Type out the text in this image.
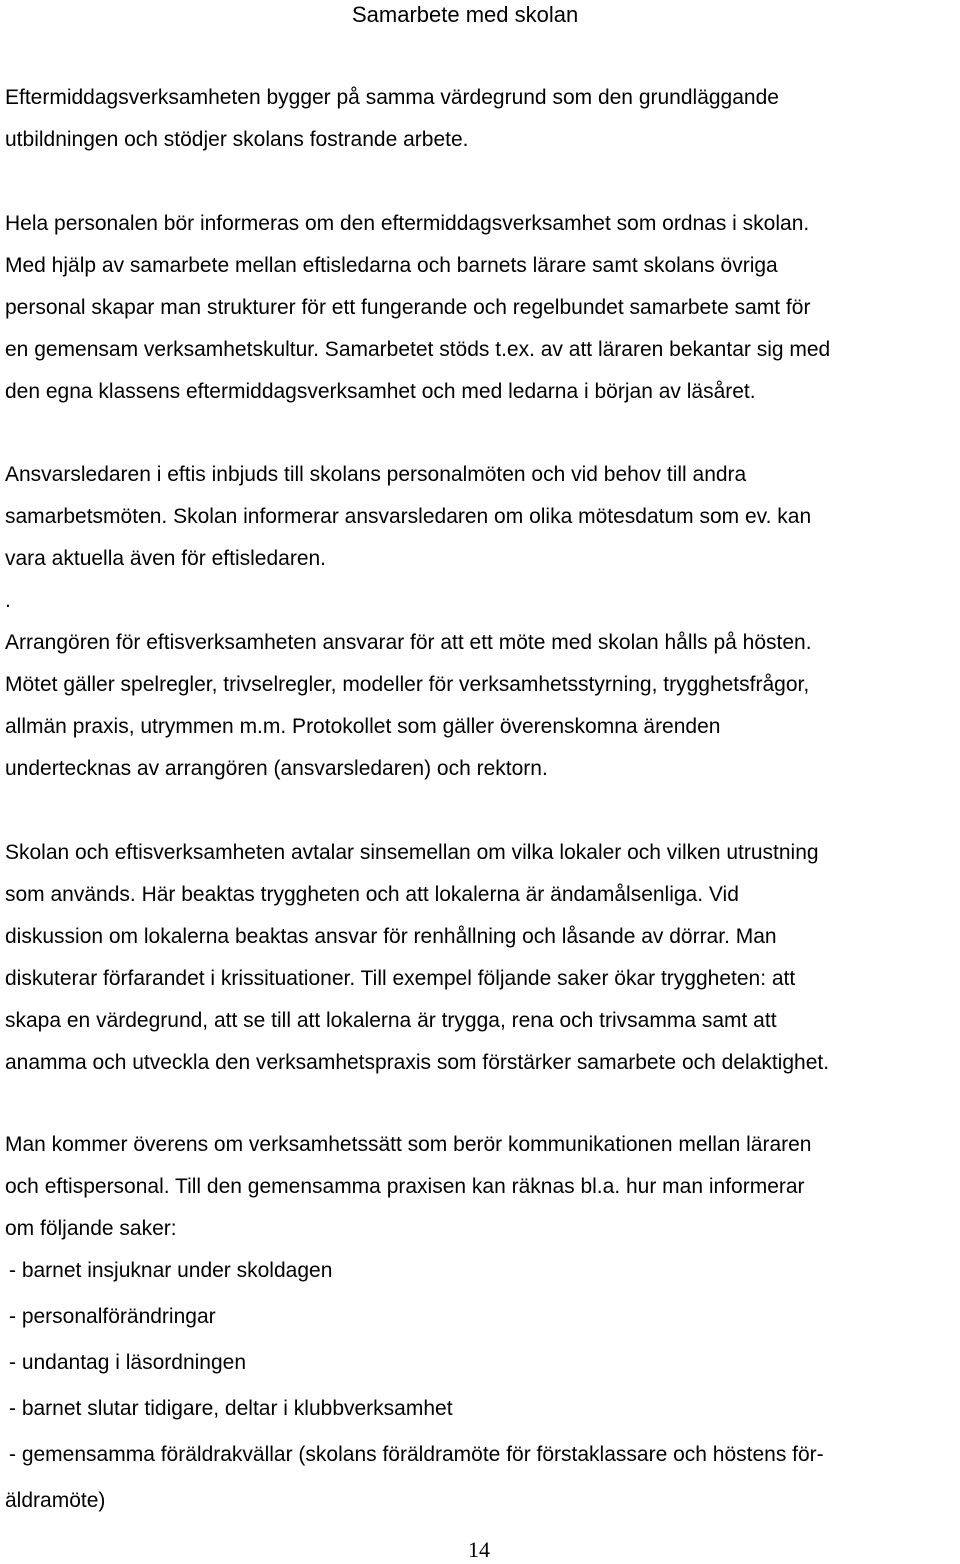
Samarbete med skolan
Eftermiddagsverksamheten bygger på samma värdegrund som den grundläggande
utbildningen och stödjer skolans fostrande arbete.
Hela personalen bör informeras om den eftermiddagsverksamhet som ordnas i skolan.
Med hjälp av samarbete mellan eftisledarna och barnets lärare samt skolans övriga
personal skapar man strukturer för ett fungerande och regelbundet samarbete samt för
en gemensam verksamhetskultur. Samarbetet stöds t.ex. av att läraren bekantar sig med
den egna klassens eftermiddagsverksamhet och med ledarna i början av läsåret.
Ansvarsledaren i eftis inbjuds till skolans personalmöten och vid behov till andra
samarbetsmöten. Skolan informerar ansvarsledaren om olika mötesdatum som ev. kan
vara aktuella även för eftisledaren.
.
Arrangören för eftisverksamheten ansvarar för att ett möte med skolan hålls på hösten.
Mötet gäller spelregler, trivselregler, modeller för verksamhetsstyrning, trygghetsfrågor,
allmän praxis, utrymmen m.m. Protokollet som gäller överenskomna ärenden
undertecknas av arrangören (ansvarsledaren) och rektorn.
Skolan och eftisverksamheten avtalar sinsemellan om vilka lokaler och vilken utrustning
som används. Här beaktas tryggheten och att lokalerna är ändamålsenliga. Vid
diskussion om lokalerna beaktas ansvar för renhållning och låsande av dörrar. Man
diskuterar förfarandet i krissituationer. Till exempel följande saker ökar tryggheten: att
skapa en värdegrund, att se till att lokalerna är trygga, rena och trivsamma samt att
anamma och utveckla den verksamhetspraxis som förstärker samarbete och delaktighet.
Man kommer överens om verksamhetssätt som berör kommunikationen mellan läraren
och eftispersonal. Till den gemensamma praxisen kan räknas bl.a. hur man informerar
om följande saker:
- barnet insjuknar under skoldagen
- personalförändringar
- undantag i läsordningen
- barnet slutar tidigare, deltar i klubbverksamhet
- gemensamma föräldrakvällar (skolans föräldramöte för förstaklassare och höstens för-
äldramöte)
14
